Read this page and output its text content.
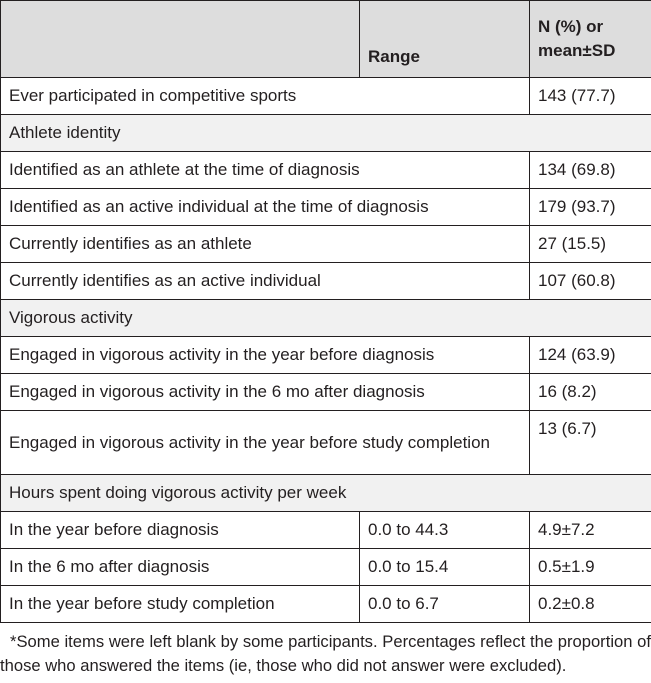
	Range	N (%) or
mean±SD
Ever participated in competitive sports		143 (77.7)
Athlete identity		
Identified as an athlete at the time of diagnosis		134 (69.8)
Identified as an active individual at the time of diagnosis		179 (93.7)
Currently identifies as an athlete		27 (15.5)
Currently identifies as an active individual		107 (60.8)
Vigorous activity		
Engaged in vigorous activity in the year before diagnosis		124 (63.9)
Engaged in vigorous activity in the 6 mo after diagnosis		16 (8.2)
Engaged in vigorous activity in the year before study completion		13 (6.7)
Hours spent doing vigorous activity per week		
In the year before diagnosis	0.0 to 44.3	4.9±7.2
In the 6 mo after diagnosis	0.0 to 15.4	0.5±1.9
In the year before study completion	0.0 to 6.7	0.2±0.8

*Some items were left blank by some participants. Percentages reflect the proportion of those who answered the items (ie, those who did not answer were excluded).
